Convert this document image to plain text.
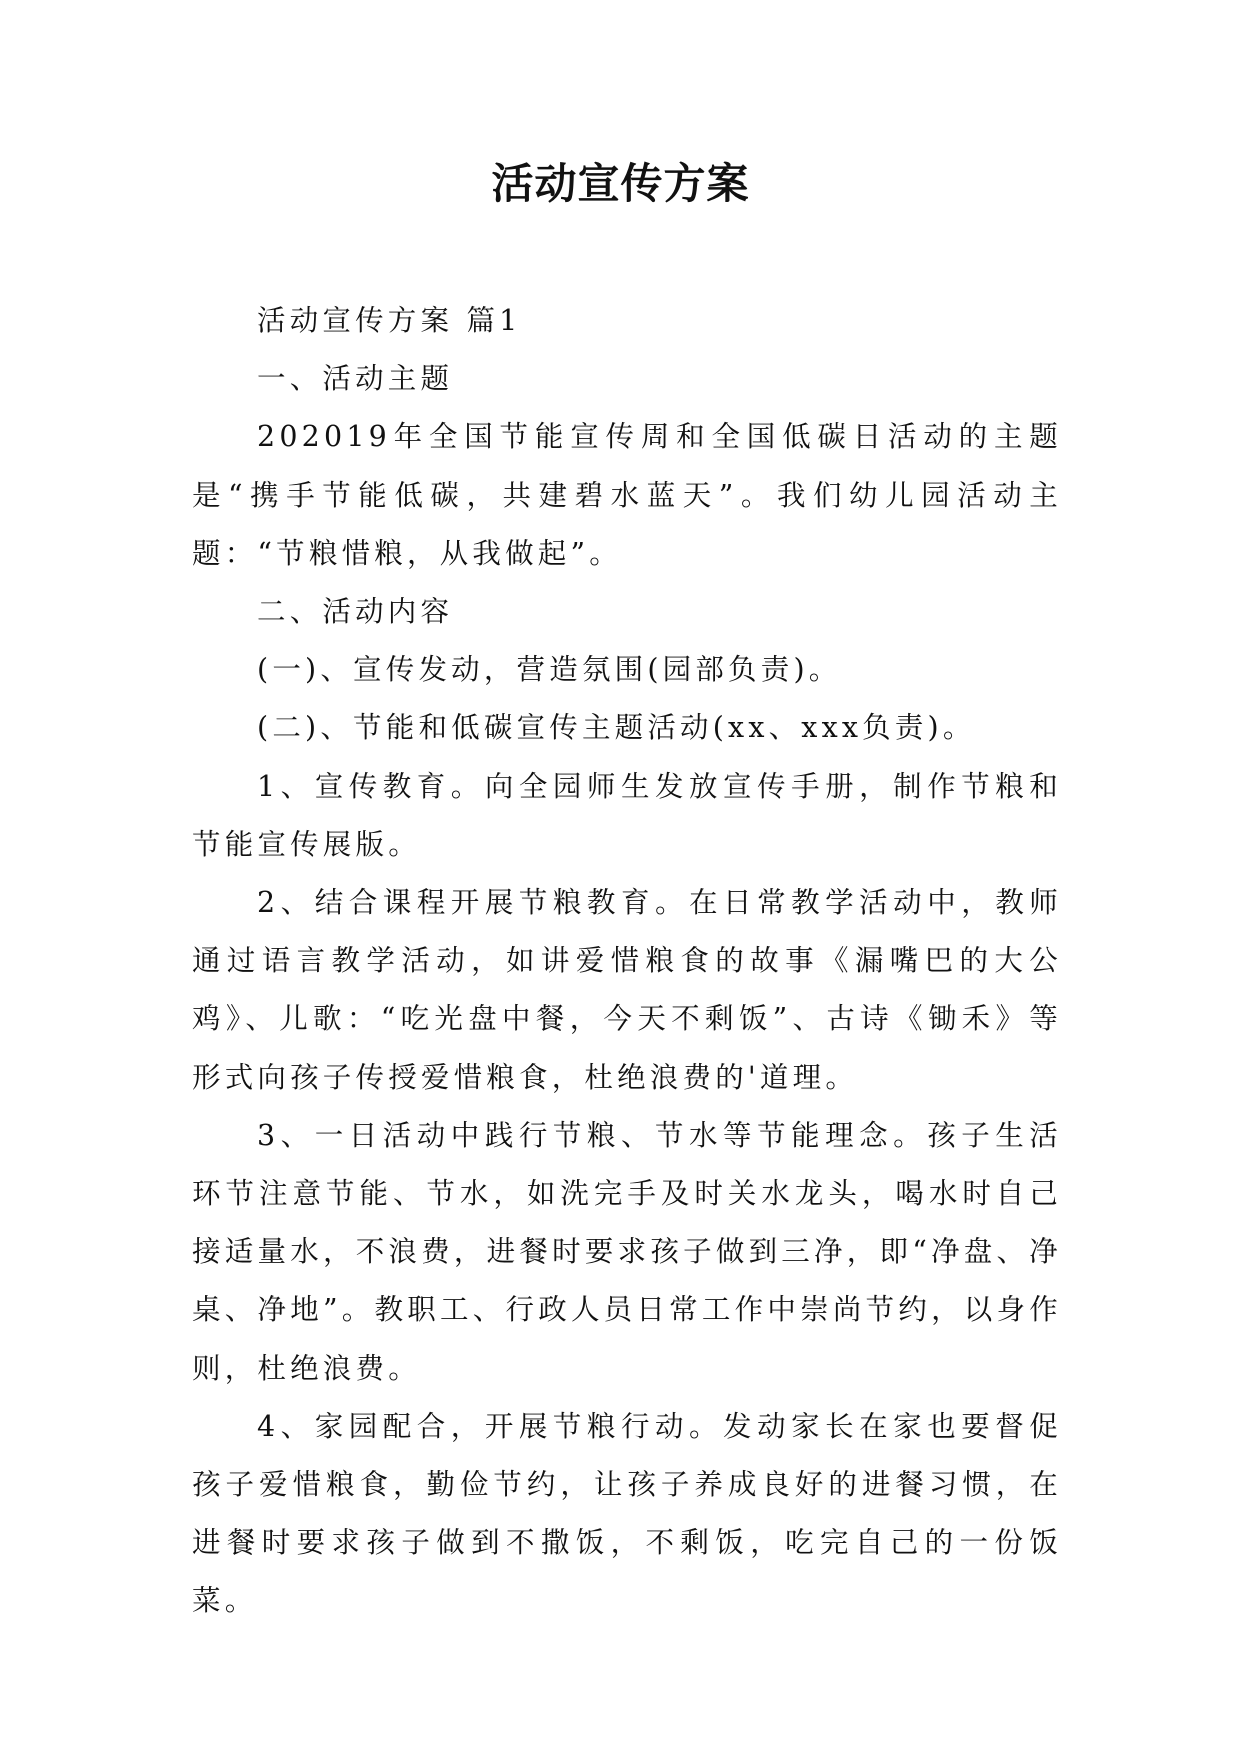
活动宣传方案

活动宣传方案 篇1

一、活动主题

202019年全国节能宣传周和全国低碳日活动的主题是“携手节能低碳，共建碧水蓝天”。我们幼儿园活动主题：“节粮惜粮，从我做起”。

二、活动内容

(一)、宣传发动，营造氛围(园部负责)。

(二)、节能和低碳宣传主题活动(xx、xxx负责)。

1、宣传教育。向全园师生发放宣传手册，制作节粮和节能宣传展版。

2、结合课程开展节粮教育。在日常教学活动中，教师通过语言教学活动，如讲爱惜粮食的故事《漏嘴巴的大公鸡》、儿歌：“吃光盘中餐，今天不剩饭”、古诗《锄禾》等形式向孩子传授爱惜粮食，杜绝浪费的'道理。

3、一日活动中践行节粮、节水等节能理念。孩子生活环节注意节能、节水，如洗完手及时关水龙头，喝水时自己接适量水，不浪费，进餐时要求孩子做到三净，即“净盘、净桌、净地”。教职工、行政人员日常工作中崇尚节约，以身作则，杜绝浪费。

4、家园配合，开展节粮行动。发动家长在家也要督促孩子爱惜粮食，勤俭节约，让孩子养成良好的进餐习惯，在进餐时要求孩子做到不撒饭，不剩饭，吃完自己的一份饭菜。
